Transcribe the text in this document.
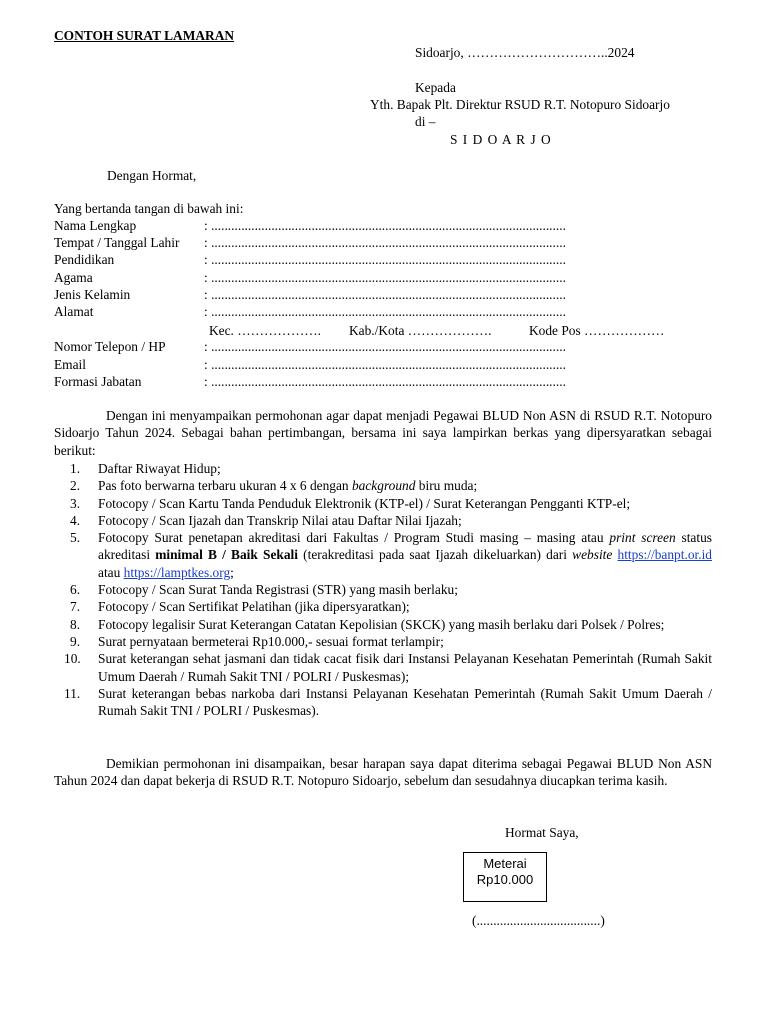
CONTOH SURAT LAMARAN
Sidoarjo, …………………………..2024
Kepada
Yth. Bapak Plt. Direktur RSUD R.T. Notopuro Sidoarjo
di –
S I D O A R J O
Dengan Hormat,
Yang bertanda tangan di bawah ini:
Nama Lengkap	: ..........................................................................................................
Tempat / Tanggal Lahir : ..........................................................................................................
Pendidikan	: ..........................................................................................................
Agama	: ..........................................................................................................
Jenis Kelamin	: ..........................................................................................................
Alamat	: ..........................................................................................................
Kec. ………………. Kab./Kota ……………….	Kode Pos ………………
Nomor Telepon / HP	: ..........................................................................................................
Email	: ..........................................................................................................
Formasi Jabatan	: ..........................................................................................................
Dengan ini menyampaikan permohonan agar dapat menjadi Pegawai BLUD Non ASN di RSUD R.T. Notopuro Sidoarjo Tahun 2024. Sebagai bahan pertimbangan, bersama ini saya lampirkan berkas yang dipersyaratkan sebagai berikut:
1. Daftar Riwayat Hidup;
2. Pas foto berwarna terbaru ukuran 4 x 6 dengan background biru muda;
3. Fotocopy / Scan Kartu Tanda Penduduk Elektronik (KTP-el) / Surat Keterangan Pengganti KTP-el;
4. Fotocopy / Scan Ijazah dan Transkrip Nilai atau Daftar Nilai Ijazah;
5. Fotocopy Surat penetapan akreditasi dari Fakultas / Program Studi masing – masing atau print screen status akreditasi minimal B / Baik Sekali (terakreditasi pada saat Ijazah dikeluarkan) dari website https://banpt.or.id atau https://lamptkes.org;
6. Fotocopy / Scan Surat Tanda Registrasi (STR) yang masih berlaku;
7. Fotocopy / Scan Sertifikat Pelatihan (jika dipersyaratkan);
8. Fotocopy legalisir Surat Keterangan Catatan Kepolisian (SKCK) yang masih berlaku dari Polsek / Polres;
9. Surat pernyataan bermeterai Rp10.000,- sesuai format terlampir;
10. Surat keterangan sehat jasmani dan tidak cacat fisik dari Instansi Pelayanan Kesehatan Pemerintah (Rumah Sakit Umum Daerah / Rumah Sakit TNI / POLRI / Puskesmas);
11. Surat keterangan bebas narkoba dari Instansi Pelayanan Kesehatan Pemerintah (Rumah Sakit Umum Daerah / Rumah Sakit TNI / POLRI / Puskesmas).
Demikian permohonan ini disampaikan, besar harapan saya dapat diterima sebagai Pegawai BLUD Non ASN Tahun 2024 dan dapat bekerja di RSUD R.T. Notopuro Sidoarjo, sebelum dan sesudahnya diucapkan terima kasih.
Hormat Saya,
Meterai
Rp10.000
(.....................................)
